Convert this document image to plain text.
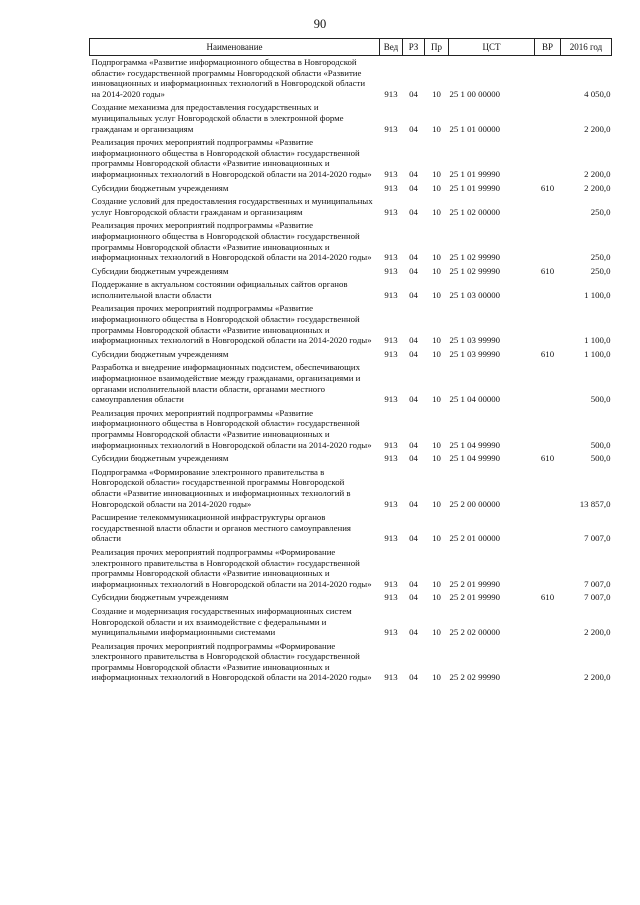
90
Наименование	Вед	РЗ	Пр	ЦСТ	ВР	2016 год
Подпрограмма «Развитие информационного общества в Новгородской области» государственной программы Новгородской области «Развитие инновационных и информационных технологий в Новгородской области на 2014-2020 годы»	913	04	10	25 1 00 00000		4 050,0
Создание механизма для предоставления государственных и муниципальных услуг Новгородской области в электронной форме гражданам и организациям	913	04	10	25 1 01 00000		2 200,0
Реализация прочих мероприятий подпрограммы «Развитие информационного общества в Новгородской области» государственной программы Новгородской области «Развитие инновационных и информационных технологий в Новгородской области на 2014-2020 годы»	913	04	10	25 1 01 99990		2 200,0
Субсидии бюджетным учреждениям	913	04	10	25 1 01 99990	610	2 200,0
Создание условий для предоставления государственных и муниципальных услуг Новгородской области гражданам и организациям	913	04	10	25 1 02 00000		250,0
Реализация прочих мероприятий подпрограммы «Развитие информационного общества в Новгородской области» государственной программы Новгородской области «Развитие инновационных и информационных технологий в Новгородской области на 2014-2020 годы»	913	04	10	25 1 02 99990		250,0
Субсидии бюджетным учреждениям	913	04	10	25 1 02 99990	610	250,0
Поддержание в актуальном состоянии официальных сайтов органов исполнительной власти области	913	04	10	25 1 03 00000		1 100,0
Реализация прочих мероприятий подпрограммы «Развитие информационного общества в Новгородской области» государственной программы Новгородской области «Развитие инновационных и информационных технологий в Новгородской области на 2014-2020 годы»	913	04	10	25 1 03 99990		1 100,0
Субсидии бюджетным учреждениям	913	04	10	25 1 03 99990	610	1 100,0
Разработка и внедрение информационных подсистем, обеспечивающих информационное взаимодействие между гражданами, организациями и органами исполнительной власти области, органами местного самоуправления области	913	04	10	25 1 04 00000		500,0
Реализация прочих мероприятий подпрограммы «Развитие информационного общества в Новгородской области» государственной программы Новгородской области «Развитие инновационных и информационных технологий в Новгородской области на 2014-2020 годы»	913	04	10	25 1 04 99990		500,0
Субсидии бюджетным учреждениям	913	04	10	25 1 04 99990	610	500,0
Подпрограмма «Формирование электронного правительства в Новгородской области» государственной программы Новгородской области «Развитие инновационных и информационных технологий в Новгородской области на 2014-2020 годы»	913	04	10	25 2 00 00000		13 857,0
Расширение телекоммуникационной инфраструктуры органов государственной власти области и органов местного самоуправления области	913	04	10	25 2 01 00000		7 007,0
Реализация прочих мероприятий подпрограммы «Формирование электронного правительства в Новгородской области» государственной программы Новгородской области «Развитие инновационных и информационных технологий в Новгородской области на 2014-2020 годы»	913	04	10	25 2 01 99990		7 007,0
Субсидии бюджетным учреждениям	913	04	10	25 2 01 99990	610	7 007,0
Создание и модернизация государственных информационных систем Новгородской области и их взаимодействие с федеральными и муниципальными информационными системами	913	04	10	25 2 02 00000		2 200,0
Реализация прочих мероприятий подпрограммы «Формирование электронного правительства в Новгородской области» государственной программы Новгородской области «Развитие инновационных и информационных технологий в Новгородской области на 2014-2020 годы»	913	04	10	25 2 02 99990		2 200,0
